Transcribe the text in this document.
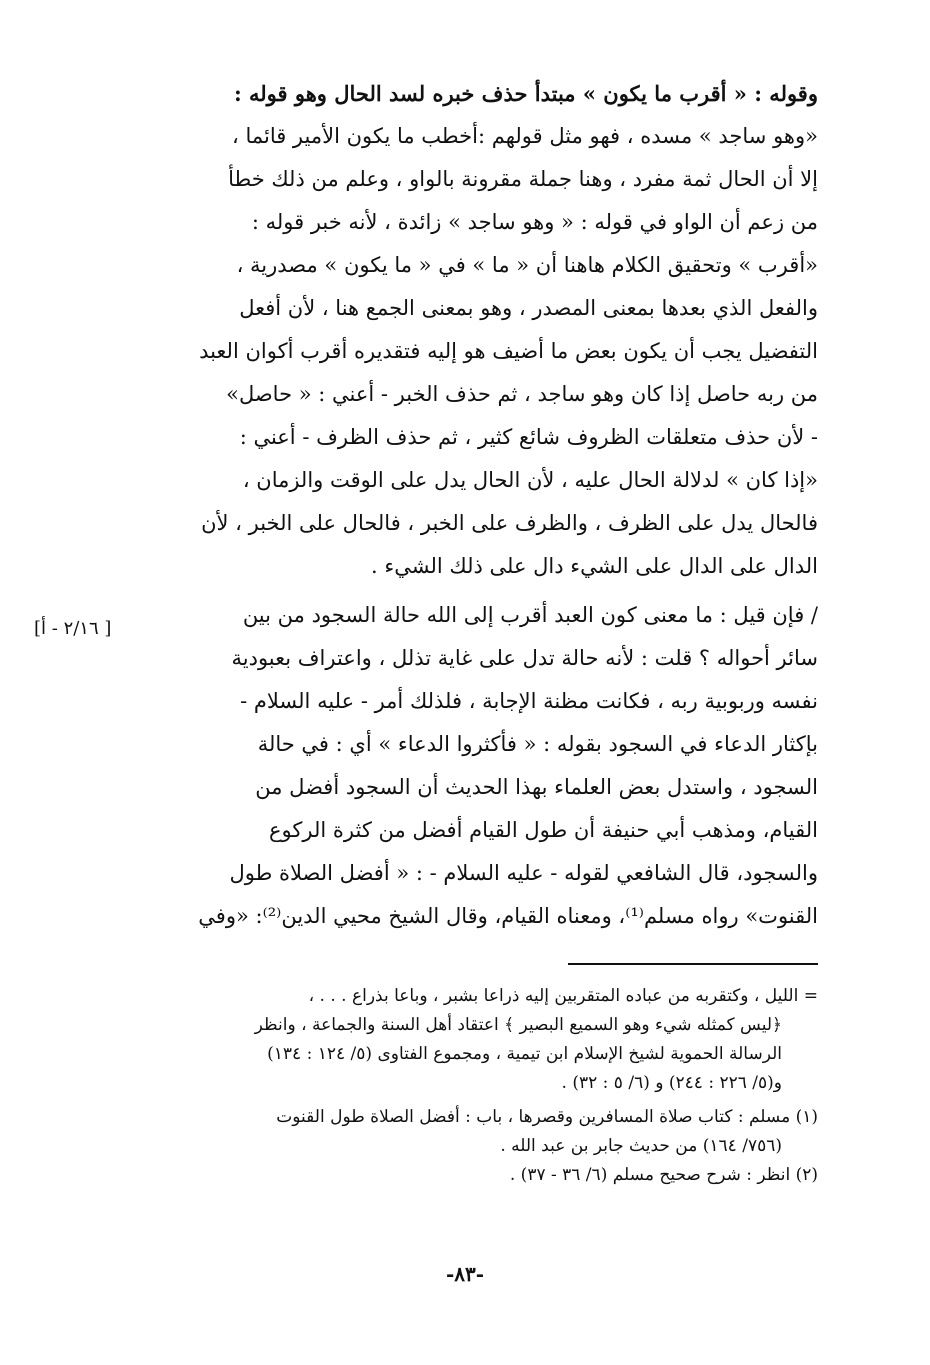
وقوله : « أقرب ما يكون » مبتدأ حذف خبره لسد الحال وهو قوله :
«وهو ساجد » مسده ، فهو مثل قولهم :أخطب ما يكون الأمير قائما ،
إلا أن الحال ثمة مفرد ، وهنا جملة مقرونة بالواو ، وعلم من ذلك خطأ
من زعم أن الواو في قوله : « وهو ساجد » زائدة ، لأنه خبر قوله :
«أقرب » وتحقيق الكلام هاهنا أن « ما » في « ما يكون » مصدرية ،
والفعل الذي بعدها بمعنى المصدر ، وهو بمعنى الجمع هنا ، لأن أفعل
التفضيل يجب أن يكون بعض ما أضيف هو إليه فتقديره أقرب أكوان العبد
من ربه حاصل إذا كان وهو ساجد ، ثم حذف الخبر - أعني : « حاصل»
- لأن حذف متعلقات الظروف شائع كثير ، ثم حذف الظرف - أعني :
«إذا كان » لدلالة الحال عليه ، لأن الحال يدل على الوقت والزمان ،
فالحال يدل على الظرف ، والظرف على الخبر ، فالحال على الخبر ، لأن
الدال على الدال على الشيء دال على ذلك الشيء .
/ فإن قيل : ما معنى كون العبد أقرب إلى الله حالة السجود من بين
سائر أحواله ؟ قلت : لأنه حالة تدل على غاية تذلل ، واعتراف بعبودية
نفسه وربوبية ربه ، فكانت مظنة الإجابة ، فلذلك أمر - عليه السلام -
بإكثار الدعاء في السجود بقوله : « فأكثروا الدعاء » أي : في حالة
السجود ، واستدل بعض العلماء بهذا الحديث أن السجود أفضل من
القيام، ومذهب أبي حنيفة أن طول القيام أفضل من كثرة الركوع
والسجود، قال الشافعي لقوله - عليه السلام - : « أفضل الصلاة طول
القنوت» رواه مسلم⁽¹⁾، ومعناه القيام، وقال الشيخ محيي الدين⁽²⁾: «وفي
[ ٢/١٦ - أ]
= الليل ، وكتقربه من عباده المتقربين إليه ذراعا بشبر ، وباعا بذراع . . . ،
﴿ليس كمثله شيء وهو السميع البصير ﴾ اعتقاد أهل السنة والجماعة ، وانظر
الرسالة الحموية لشيخ الإسلام ابن تيمية ، ومجموع الفتاوى (٥/ ١٢٤ : ١٣٤)
و(٥/ ٢٢٦ : ٢٤٤) و (٦/ ٥ : ٣٢) .
(١) مسلم : كتاب صلاة المسافرين وقصرها ، باب : أفضل الصلاة طول القنوت
(٧٥٦/ ١٦٤) من حديث جابر بن عبد الله .
(٢) انظر : شرح صحيح مسلم (٦/ ٣٦ - ٣٧) .
-٨٣-
